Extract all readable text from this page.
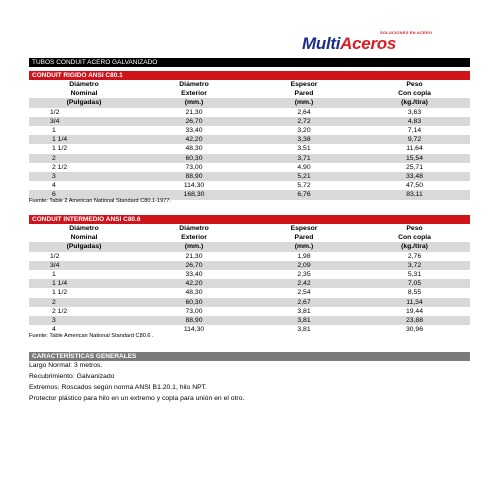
SOLUCIONES EN ACERO
MultiAceros
TUBOS CONDUIT ACERO GALVANIZADO
CONDUIT RIGIDO ANSI C80.1
Diámetro	Diámetro	Espesor	Peso
Nominal	Exterior	Pared	Con copla
(Pulgadas)	(mm.)	(mm.)	(kg./tira)
1/2	21,30	2,64	3,63
3/4	26,70	2,72	4,83
1	33,40	3,20	7,14
1 1/4	42,20	3,38	9,72
1 1/2	48,30	3,51	11,64
2	60,30	3,71	15,54
2 1/2	73,00	4,90	25,71
3	88,90	5,21	33,48
4	114,30	5,72	47,50
6	168,30	6,76	83,11
Fuente: Table 2 American National Standard C80.1-1977.
CONDUIT INTERMEDIO ANSI C80.6
Diámetro	Diámetro	Espesor	Peso
Nominal	Exterior	Pared	Con copla
(Pulgadas)	(mm.)	(mm.)	(kg./tira)
1/2	21,30	1,98	2,76
3/4	26,70	2,09	3,72
1	33,40	2,35	5,31
1 1/4	42,20	2,42	7,05
1 1/2	48,30	2,54	8,55
2	60,30	2,67	11,34
2 1/2	73,00	3,81	19,44
3	88,90	3,81	23,88
4	114,30	3,81	30,96
Fuente: Table American National Standard C80.6 .
CARACTERÍSTICAS GENERALES
Largo Normal: 3 metros.
Recubrimiento: Galvanizado
Extremos: Roscados según norma ANSI B1.20.1, hilo NPT.
Protector plástico para hilo en un extremo y copla para unión en el otro.
